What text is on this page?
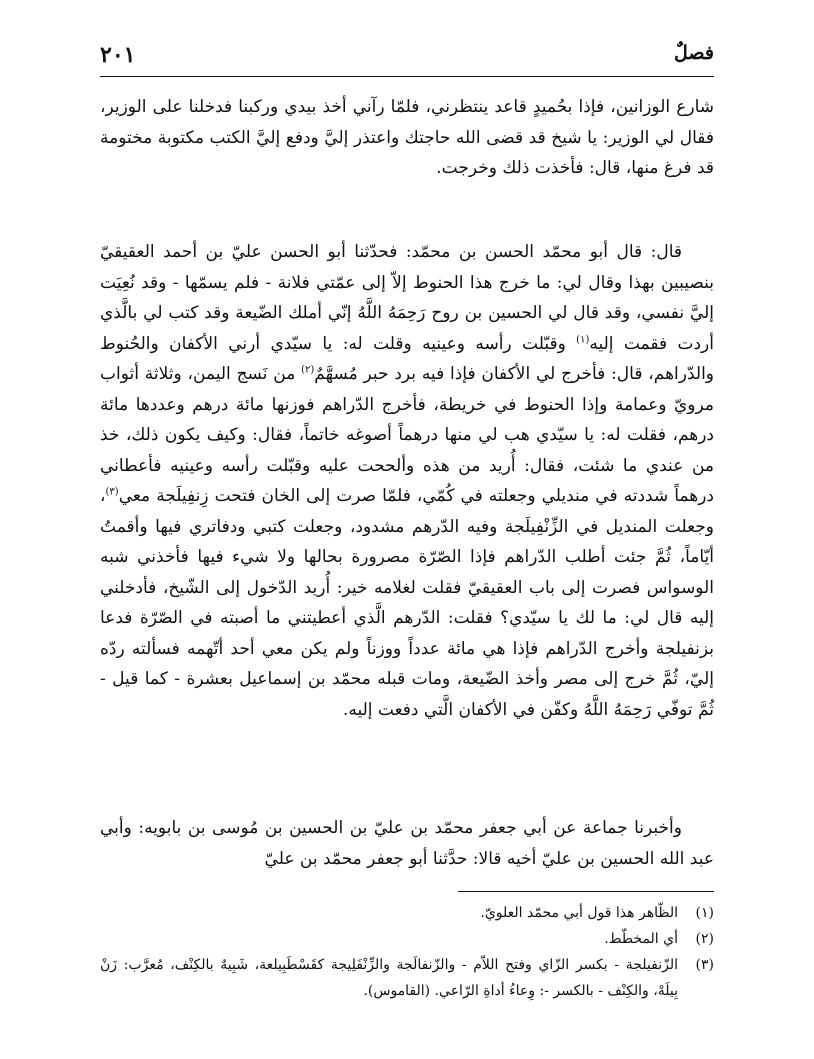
فصلٌ
٢٠١

شارع الوزانين، فإذا بحُميدٍ قاعد ينتظرني، فلمّا رآني أخذ بيدي وركبنا فدخلنا على الوزير، فقال لي الوزير: يا شيخ قد قضى الله حاجتك واعتذر إليَّ ودفع إليَّ الكتب مكتوبة مختومة قد فرغ منها، قال: فأخذت ذلك وخرجت.

قال: قال أبو محمّد الحسن بن محمّد: فحدّثنا أبو الحسن عليّ بن أحمد العقيقيّ بنصيبين بهذا وقال لي: ما خرج هذا الحنوط إلاّ إلى عمّتي فلانة - فلم يسمّها - وقد نُعِيَت إليَّ نفسي، وقد قال لي الحسين بن روح رَحِمَهُ اللَّهُ إنّي أملك الضّيعة وقد كتب لي بالَّذي أردت فقمت إليه$^{(١)}$ وقبّلت رأسه وعينيه وقلت له: يا سيّدي أرني الأكفان والحُنوط والدّراهم، قال: فأخرج لي الأكفان فإذا فيه برد حبر مُسهَّمٌ$^{(٢)}$ من نَسج اليمن، وثلاثة أثواب مرويّ وعمامة وإذا الحنوط في خريطة، فأخرج الدّراهم فوزنها مائة درهم وعددها مائة درهم، فقلت له: يا سيّدي هب لي منها درهماً أصوغه خاتماً، فقال: وكيف يكون ذلك، خذ من عندي ما شئت، فقال: أُريد من هذه وألححت عليه وقبّلت رأسه وعينيه فأعطاني درهماً شددته في منديلي وجعلته في كُمّي، فلمّا صرت إلى الخان فتحت زِنفِيلَجة معي$^{(٣)}$، وجعلت المنديل في الزِّنْفِيلَجة وفيه الدّرهم مشدود، وجعلت كتبي ودفاتري فيها وأقمتُ أيّاماً، ثُمَّ جئت أطلب الدّراهم فإذا الصّرّة مصرورة بحالها ولا شيء فيها فأخذني شبه الوسواس فصرت إلى باب العقيقيّ فقلت لغلامه خير: أُريد الدّخول إلى الشّيخ، فأدخلني إليه قال لي: ما لك يا سيّدي؟ فقلت: الدّرهم الَّذي أعطيتني ما أصبته في الصّرّة فدعا بزنفيلجة وأخرج الدّراهم فإذا هي مائة عدداً ووزناً ولم يكن معي أحد أتّهمه فسألته ردّه إليّ، ثُمَّ خرج إلى مصر وأخذ الضّيعة، ومات قبله محمّد بن إسماعيل بعشرة - كما قيل - ثُمَّ توفّي رَحِمَهُ اللَّهُ وكفّن في الأكفان الَّتي دفعت إليه.

وأخبرنا جماعة عن أبي جعفر محمّد بن عليّ بن الحسين بن مُوسى بن بابويه: وأبي عبد الله الحسين بن عليّ أخيه قالا: حدَّثنا أبو جعفر محمّد بن عليّ

(١)
الظّاهر هذا قول أبي محمّد العلويّ.
(٢)
أي المخطّط.
(٣)
الزّنفيلجة - بكسر الزّاي وفتح اللاّم - والزّنفالَجة والزِّنْفَلِيجة كقَسْطَبِيلعة، شَبِيهٌ بالكِنْف، مُعرَّب: زَنْ بِيلَهْ، والكِنْف - بالكسر -: وِعاءُ أداةِ الرّاعي. (القاموس).
